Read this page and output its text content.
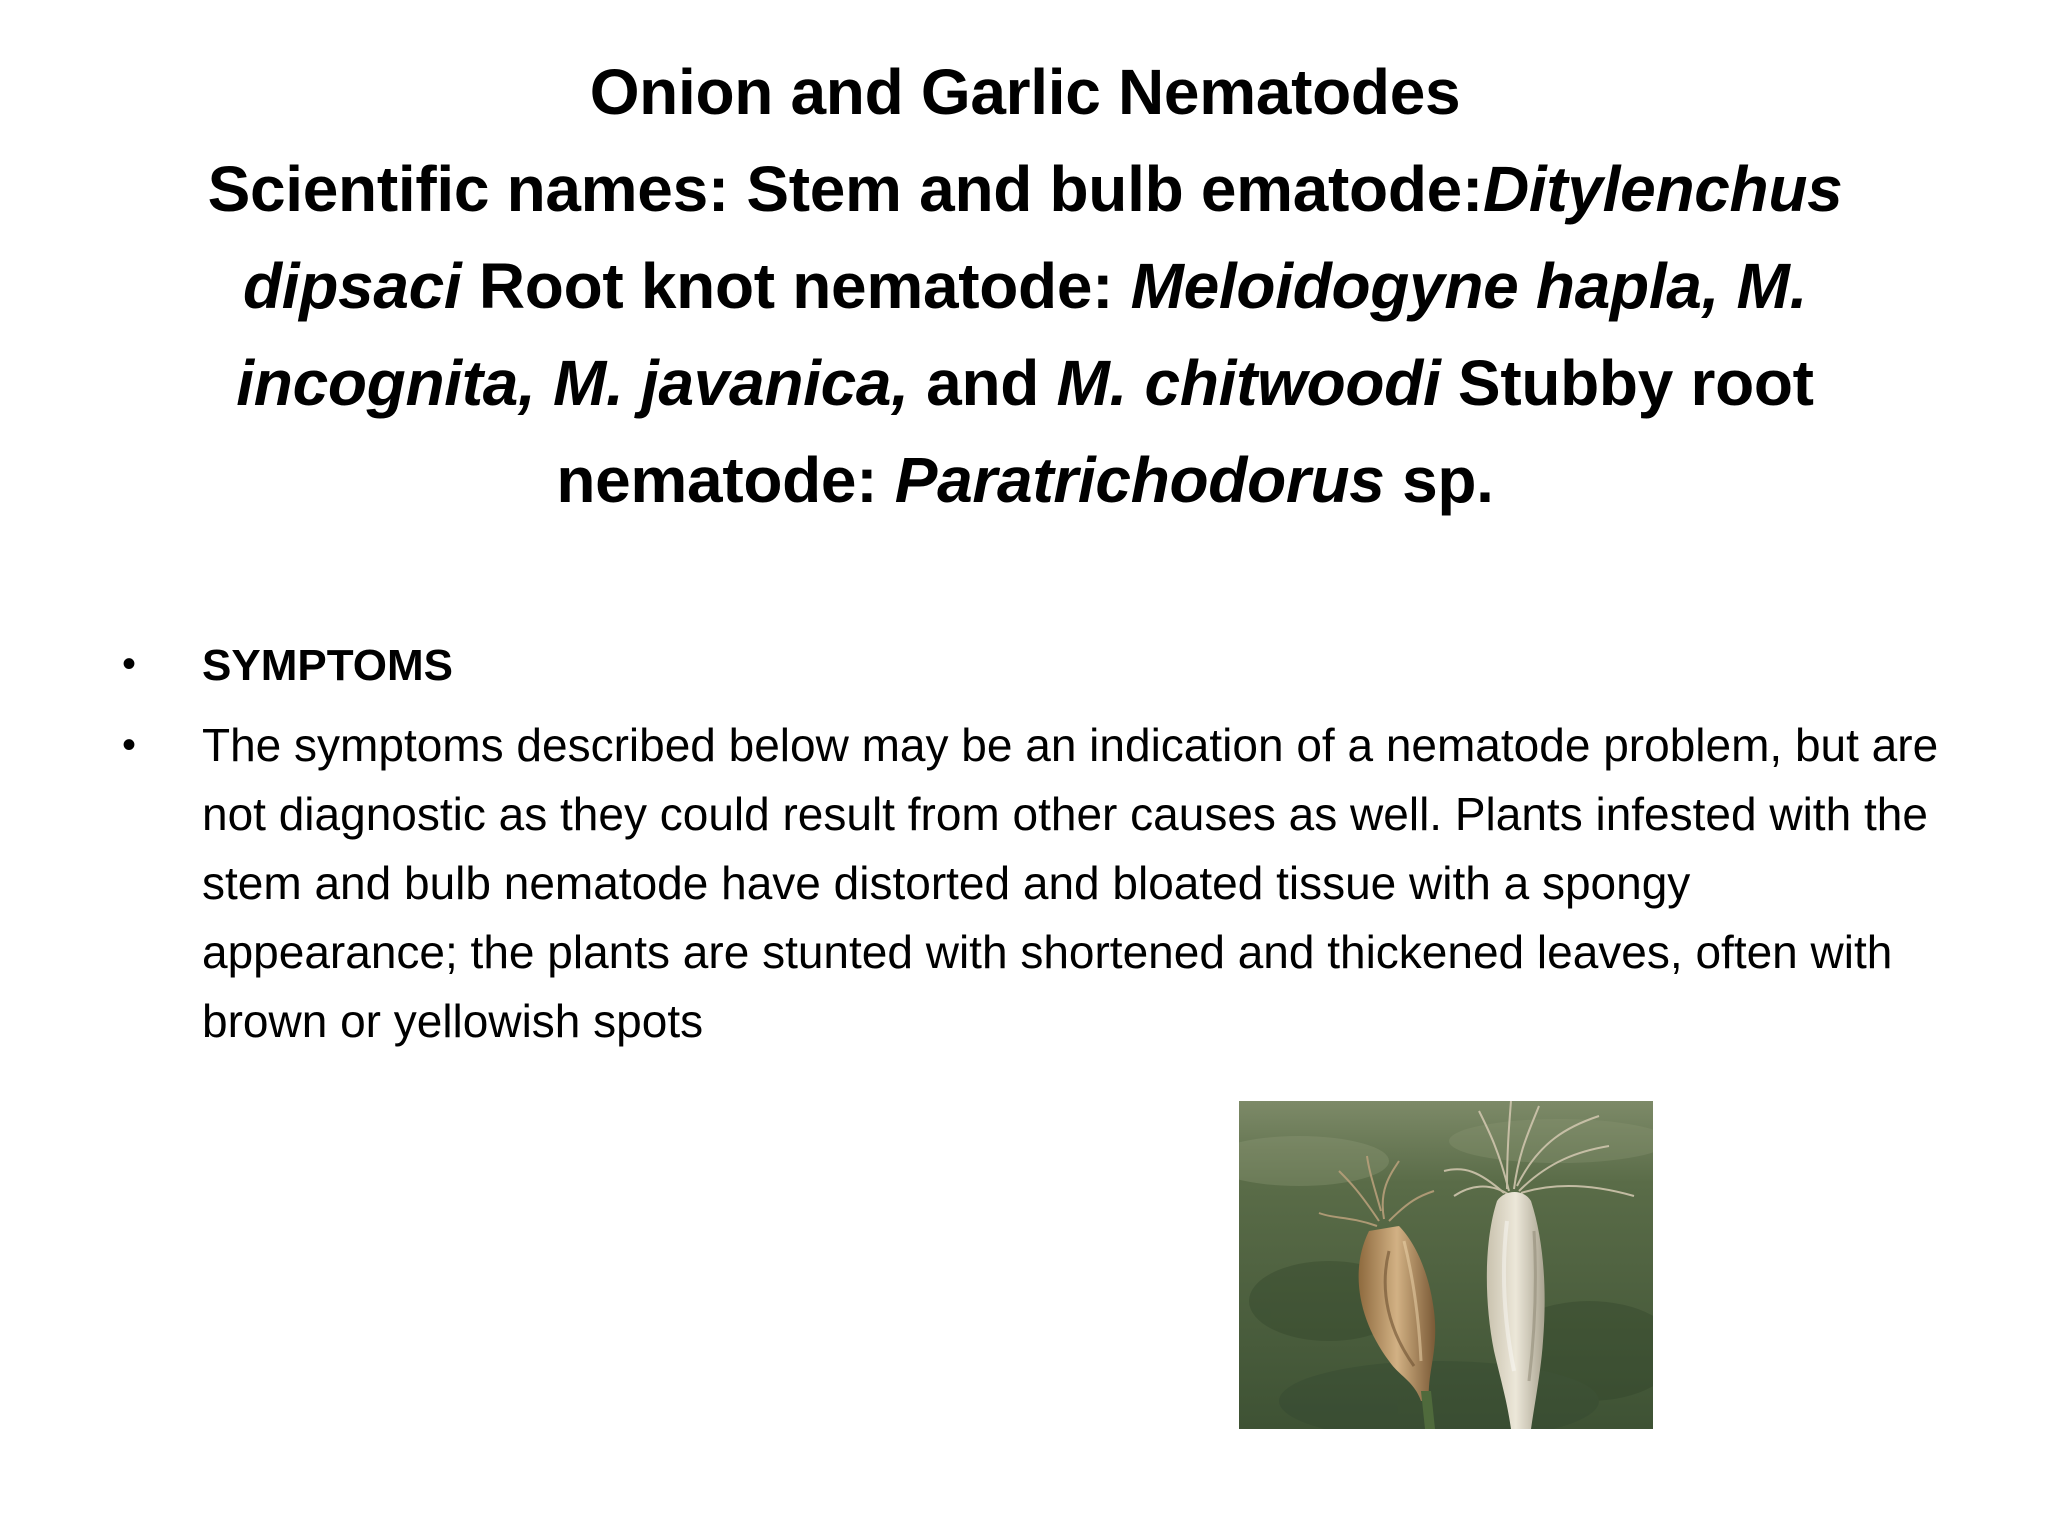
Onion and Garlic Nematodes
Scientific names: Stem and bulb ematode:Ditylenchus dipsaci Root knot nematode: Meloidogyne hapla, M. incognita, M. javanica, and M. chitwoodi Stubby root nematode: Paratrichodorus sp.
• SYMPTOMS
• The symptoms described below may be an indication of a nematode problem, but are not diagnostic as they could result from other causes as well. Plants infested with the stem and bulb nematode have distorted and bloated tissue with a spongy appearance; the plants are stunted with shortened and thickened leaves, often with brown or yellowish spots
